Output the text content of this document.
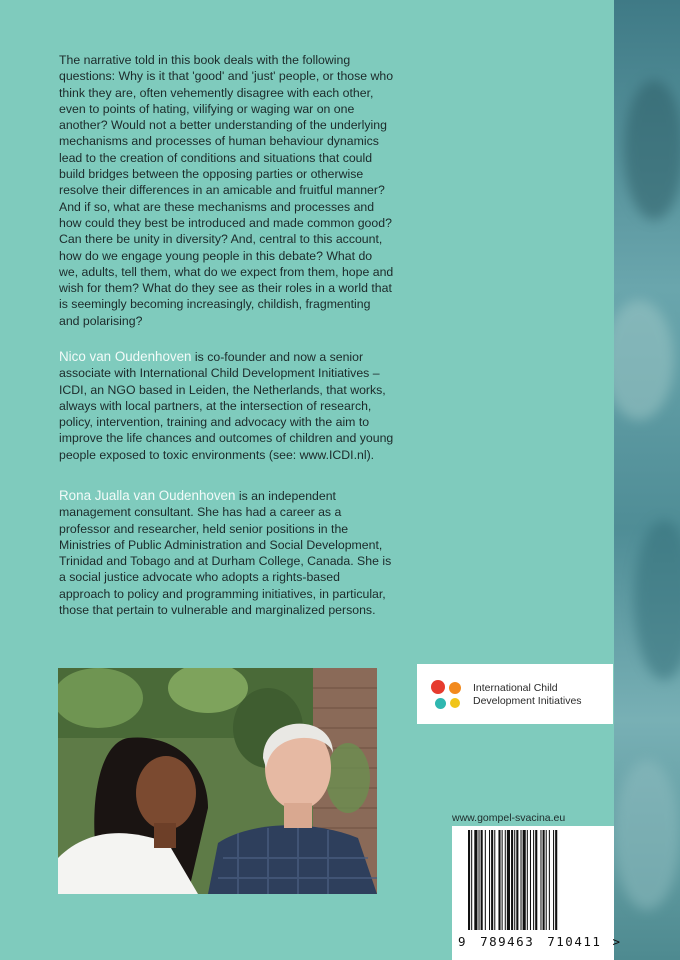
The narrative told in this book deals with the following questions: Why is it that 'good' and 'just' people, or those who think they are, often vehemently disagree with each other, even to points of hating, vilifying or waging war on one another? Would not a better understanding of the underlying mechanisms and processes of human behaviour dynamics lead to the creation of conditions and situations that could build bridges between the opposing parties or otherwise resolve their differences in an amicable and fruitful manner? And if so, what are these mechanisms and processes and how could they best be introduced and made common good? Can there be unity in diversity? And, central to this account, how do we engage young people in this debate? What do we, adults, tell them, what do we expect from them, hope and wish for them? What do they see as their roles in a world that is seemingly becoming increasingly, childish, fragmenting and polarising?

Nico van Oudenhoven is co-founder and now a senior associate with International Child Development Initiatives – ICDI, an NGO based in Leiden, the Netherlands, that works, always with local partners, at the intersection of research, policy, intervention, training and advocacy with the aim to improve the life chances and outcomes of children and young people exposed to toxic environments (see: www.ICDI.nl).

Rona Jualla van Oudenhoven is an independent management consultant. She has had a career as a professor and researcher, held senior positions in the Ministries of Public Administration and Social Development, Trinidad and Tobago and at Durham College, Canada. She is a social justice advocate who adopts a rights-based approach to policy and programming initiatives, in particular, those that pertain to vulnerable and marginalized persons.

International Child
Development Initiatives
www.gompel-svacina.eu
9 789463 710411 >
